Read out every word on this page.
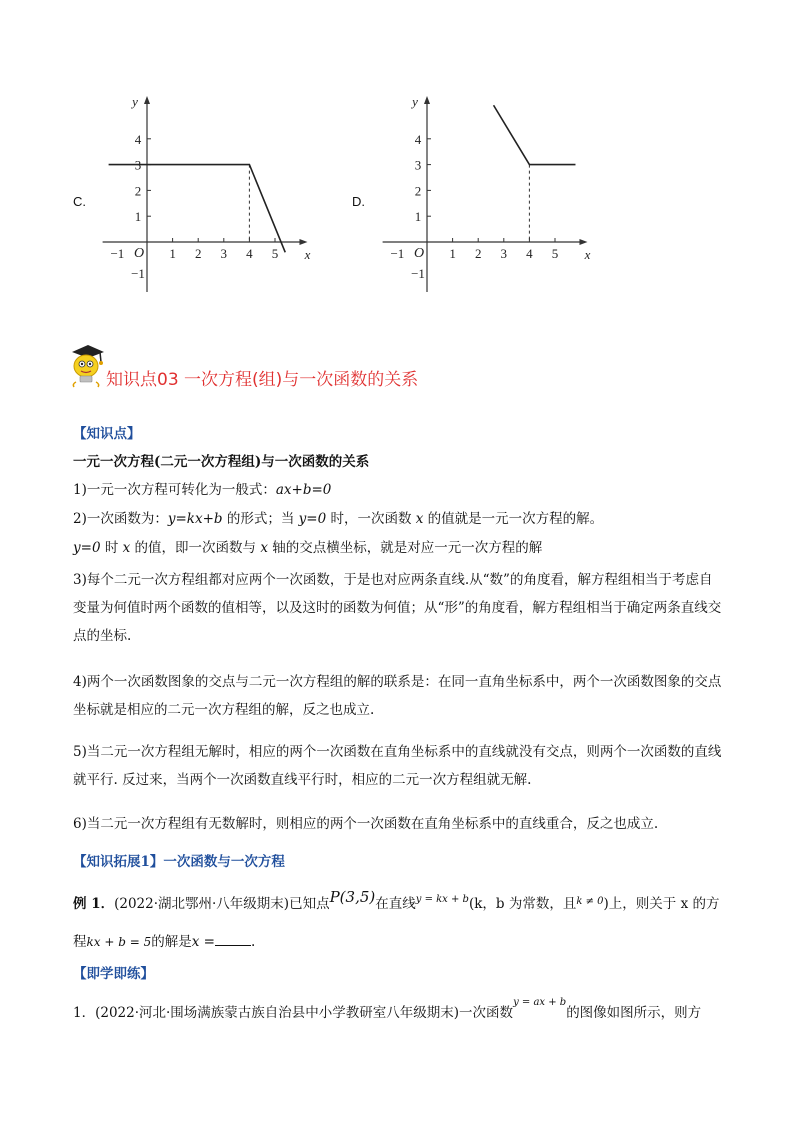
C.
y
x
O
−1	1 2 3 4 5
4
3
2
1
−1
D.
y
x
O
−1	1 2 3 4 5
4
3
2
1
−1
知识点03 一次方程(组)与一次函数的关系
【知识点】
一元一次方程(二元一次方程组)与一次函数的关系
1)一元一次方程可转化为一般式：ax+b=0
2)一次函数为：y=kx+b 的形式；当 y=0 时，一次函数 x 的值就是一元一次方程的解。
y=0 时 x 的值，即一次函数与 x 轴的交点横坐标，就是对应一元一次方程的解
3)每个二元一次方程组都对应两个一次函数，于是也对应两条直线.从“数”的角度看，解方程组相当于考虑自变量为何值时两个函数的值相等，以及这时的函数为何值；从“形”的角度看，解方程组相当于确定两条直线交点的坐标.
4)两个一次函数图象的交点与二元一次方程组的解的联系是：在同一直角坐标系中，两个一次函数图象的交点坐标就是相应的二元一次方程组的解，反之也成立.
5)当二元一次方程组无解时，相应的两个一次函数在直角坐标系中的直线就没有交点，则两个一次函数的直线就平行. 反过来，当两个一次函数直线平行时，相应的二元一次方程组就无解.
6)当二元一次方程组有无数解时，则相应的两个一次函数在直角坐标系中的直线重合，反之也成立.
【知识拓展1】一次函数与一次方程
例 1．(2022·湖北鄂州·八年级期末)已知点P(3,5)在直线$^{y = kx + b}$(k，b 为常数，且$^{k \ne 0}$)上，则关于 x 的方
程kx + b = 5的解是x =	.
【即学即练】
1．(2022·河北·围场满族蒙古族自治县中小学教研室八年级期末)一次函数$^{y = ax + b}$的图像如图所示，则方
